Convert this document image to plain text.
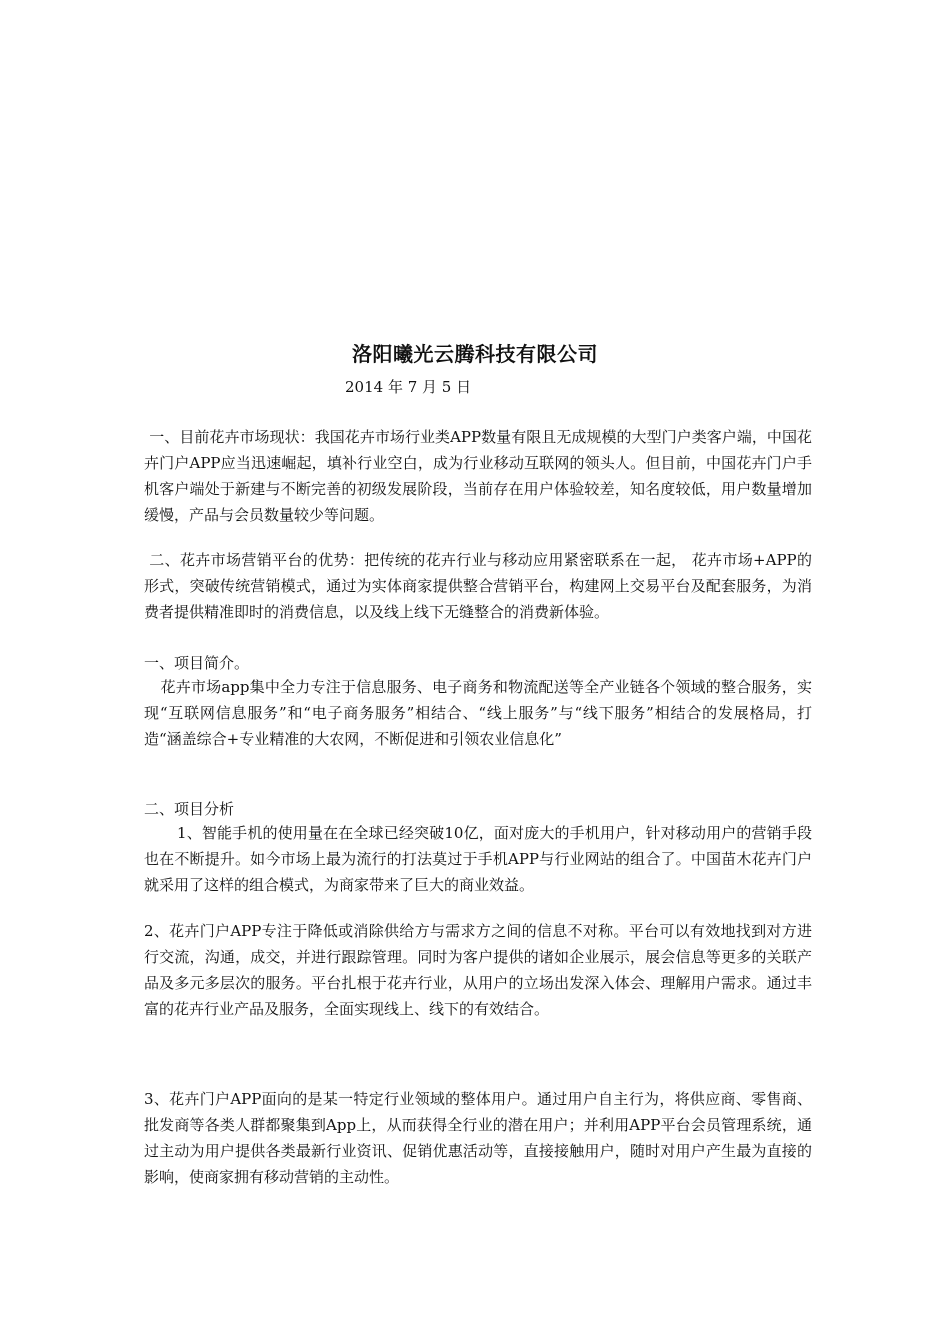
洛阳曦光云腾科技有限公司
2014 年 7 月 5 日

一、目前花卉市场现状：我国花卉市场行业类APP数量有限且无成规模的大型门户类客户端，中国花卉门户APP应当迅速崛起，填补行业空白，成为行业移动互联网的领头人。但目前，中国花卉门户手机客户端处于新建与不断完善的初级发展阶段，当前存在用户体验较差，知名度较低，用户数量增加缓慢，产品与会员数量较少等问题。

二、花卉市场营销平台的优势：把传统的花卉行业与移动应用紧密联系在一起， 花卉市场+APP的形式，突破传统营销模式，通过为实体商家提供整合营销平台，构建网上交易平台及配套服务，为消费者提供精准即时的消费信息，以及线上线下无缝整合的消费新体验。

一、项目简介。

花卉市场app集中全力专注于信息服务、电子商务和物流配送等全产业链各个领域的整合服务，实现“互联网信息服务”和“电子商务服务”相结合、“线上服务”与“线下服务”相结合的发展格局，打造“涵盖综合+专业精准的大农网，不断促进和引领农业信息化”

二、项目分析

1、智能手机的使用量在在全球已经突破10亿，面对庞大的手机用户，针对移动用户的营销手段也在不断提升。如今市场上最为流行的打法莫过于手机APP与行业网站的组合了。中国苗木花卉门户就采用了这样的组合模式，为商家带来了巨大的商业效益。

2、花卉门户APP专注于降低或消除供给方与需求方之间的信息不对称。平台可以有效地找到对方进行交流，沟通，成交，并进行跟踪管理。同时为客户提供的诸如企业展示，展会信息等更多的关联产品及多元多层次的服务。平台扎根于花卉行业，从用户的立场出发深入体会、理解用户需求。通过丰富的花卉行业产品及服务，全面实现线上、线下的有效结合。

3、花卉门户APP面向的是某一特定行业领域的整体用户。通过用户自主行为，将供应商、零售商、批发商等各类人群都聚集到App上，从而获得全行业的潜在用户；并利用APP平台会员管理系统，通过主动为用户提供各类最新行业资讯、促销优惠活动等，直接接触用户，随时对用户产生最为直接的影响，使商家拥有移动营销的主动性。
